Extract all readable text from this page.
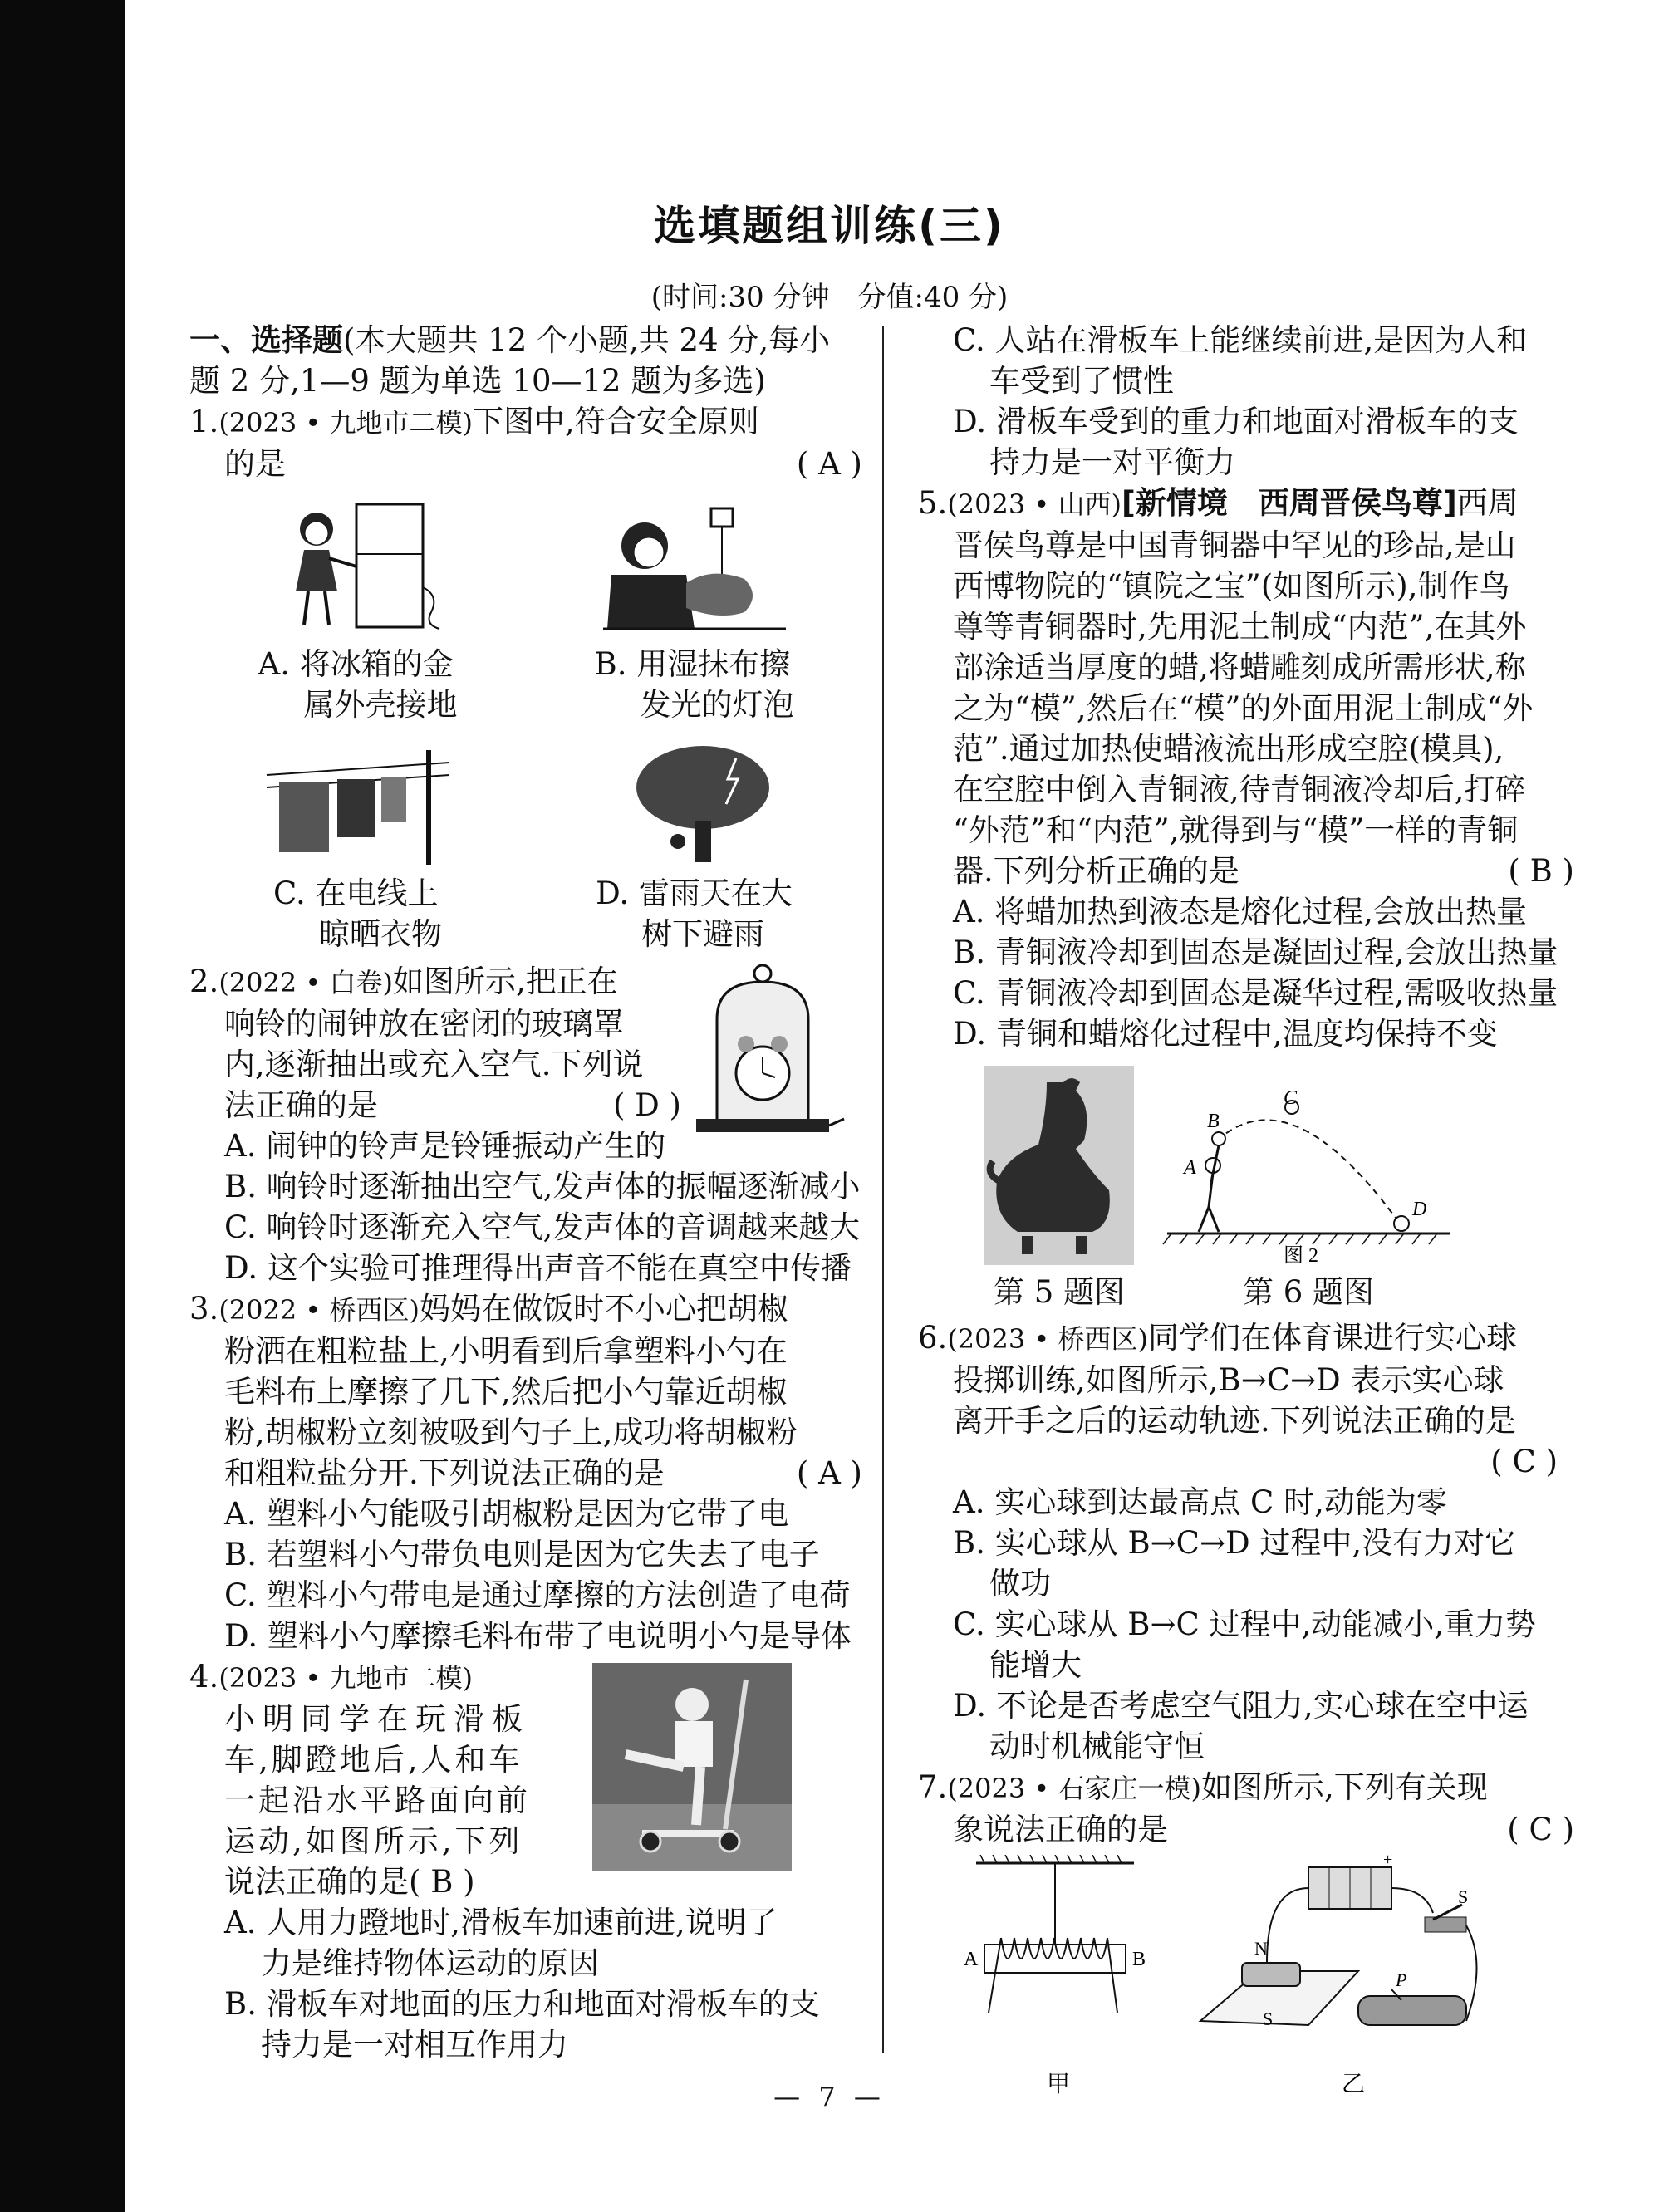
选填题组训练(三)
(时间:30 分钟　分值:40 分)

一、选择题(本大题共 12 个小题,共 24 分,每小

题 2 分,1—9 题为单选 10—12 题为多选)

1.(2023 • 九地市二模)下图中,符合安全原则

的是	( A )

A. 将冰箱的金
属外壳接地
B. 用湿抹布擦
发光的灯泡
C. 在电线上
晾晒衣物
D. 雷雨天在大
树下避雨

2.(2022 • 白卷)如图所示,把正在

响铃的闹钟放在密闭的玻璃罩

内,逐渐抽出或充入空气.下列说

法正确的是	( D )

A. 闹钟的铃声是铃锤振动产生的

B. 响铃时逐渐抽出空气,发声体的振幅逐渐减小

C. 响铃时逐渐充入空气,发声体的音调越来越大

D. 这个实验可推理得出声音不能在真空中传播

3.(2022 • 桥西区)妈妈在做饭时不小心把胡椒

粉洒在粗粒盐上,小明看到后拿塑料小勺在

毛料布上摩擦了几下,然后把小勺靠近胡椒

粉,胡椒粉立刻被吸到勺子上,成功将胡椒粉

和粗粒盐分开.下列说法正确的是	( A )

A. 塑料小勺能吸引胡椒粉是因为它带了电

B. 若塑料小勺带负电则是因为它失去了电子

C. 塑料小勺带电是通过摩擦的方法创造了电荷

D. 塑料小勺摩擦毛料布带了电说明小勺是导体

4.(2023 • 九地市二模)

小明同学在玩滑板

车,脚蹬地后,人和车

一起沿水平路面向前

运动,如图所示,下列

说法正确的是( B )

A. 人用力蹬地时,滑板车加速前进,说明了

力是维持物体运动的原因

B. 滑板车对地面的压力和地面对滑板车的支

持力是一对相互作用力

C. 人站在滑板车上能继续前进,是因为人和

车受到了惯性

D. 滑板车受到的重力和地面对滑板车的支

持力是一对平衡力

5.(2023 • 山西)[新情境　西周晋侯鸟尊]西周

晋侯鸟尊是中国青铜器中罕见的珍品,是山

西博物院的“镇院之宝”(如图所示),制作鸟

尊等青铜器时,先用泥土制成“内范”,在其外

部涂适当厚度的蜡,将蜡雕刻成所需形状,称

之为“模”,然后在“模”的外面用泥土制成“外

范”.通过加热使蜡液流出形成空腔(模具),

在空腔中倒入青铜液,待青铜液冷却后,打碎

“外范”和“内范”,就得到与“模”一样的青铜

器.下列分析正确的是	( B )

A. 将蜡加热到液态是熔化过程,会放出热量

B. 青铜液冷却到固态是凝固过程,会放出热量

C. 青铜液冷却到固态是凝华过程,需吸收热量

D. 青铜和蜡熔化过程中,温度均保持不变

第 5 题图
A
B
C
D
图 2
第 6 题图

6.(2023 • 桥西区)同学们在体育课进行实心球

投掷训练,如图所示,B→C→D 表示实心球

离开手之后的运动轨迹.下列说法正确的是

( C )

A. 实心球到达最高点 C 时,动能为零

B. 实心球从 B→C→D 过程中,没有力对它

做功

C. 实心球从 B→C 过程中,动能减小,重力势

能增大

D. 不论是否考虑空气阻力,实心球在空中运

动时机械能守恒

7.(2023 • 石家庄一模)如图所示,下列有关现

象说法正确的是	( C )

A	B
甲
+
S
N
S
P
乙
— 7 —
